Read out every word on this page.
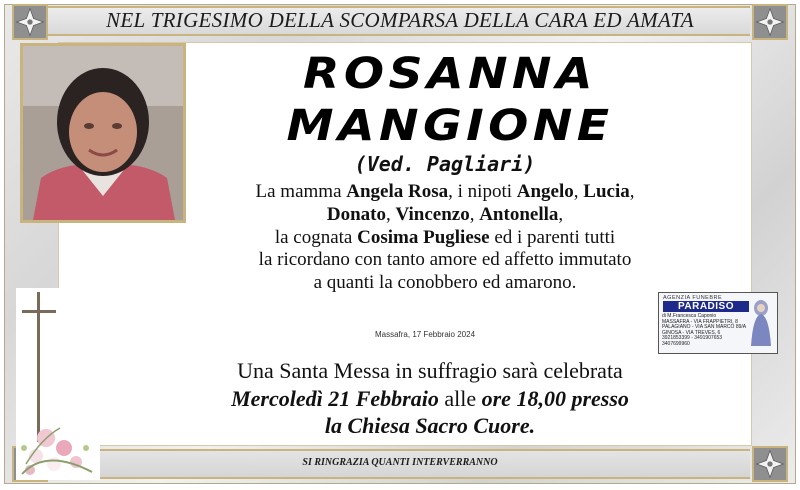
NEL TRIGESIMO DELLA SCOMPARSA DELLA CARA ED AMATA
ROSANNA
MANGIONE
(Ved. Pagliari)
La mamma Angela Rosa, i nipoti Angelo, Lucia,
Donato, Vincenzo, Antonella,
la cognata Cosima Pugliese ed i parenti tutti
la ricordano con tanto amore ed affetto immutato
a quanti la conobbero ed amarono.
Massafra, 17 Febbraio 2024
Una Santa Messa in suffragio sarà celebrata
Mercoledì 21 Febbraio alle ore 18,00 presso
la Chiesa Sacro Cuore.
AGENZIA FUNEBRE
PARADISO
di M.Francesca Caponio
MASSAFRA - VIA FRAPPIETRI, 8
PALAGIANO - VIA SAN MARCO 89/A
GINOSA - VIA TREVES, 6
3921853399 - 3491907653
3407699960
SI RINGRAZIA QUANTI INTERVERRANNO
